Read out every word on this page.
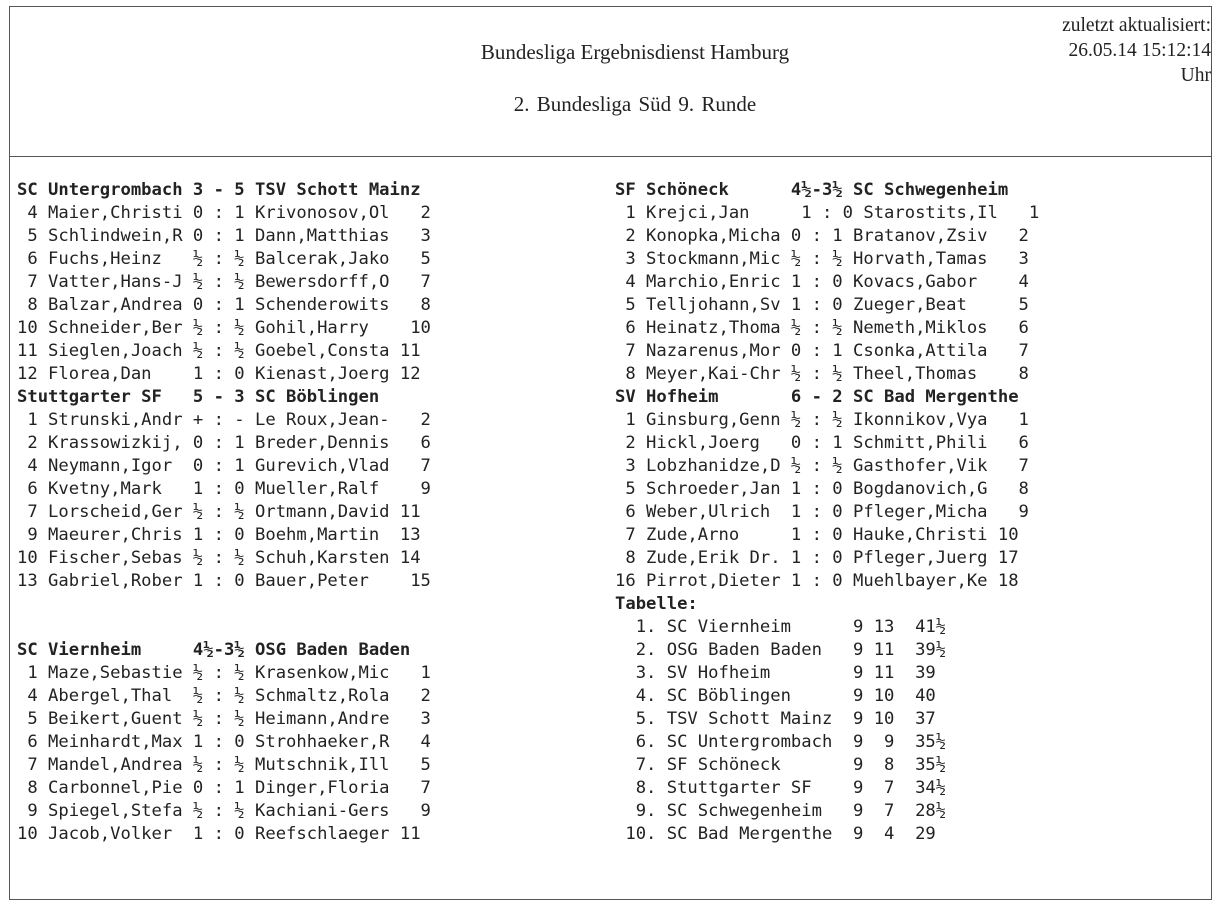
Bundesliga Ergebnisdienst Hamburg
2. Bundesliga Süd 9. Runde
zuletzt aktualisiert:
26.05.14 15:12:14
Uhr
SC Untergrombach 3 - 5 TSV Schott Mainz
4 Maier,Christi 0 : 1 Krivonosov,Ol   2
5 Schlindwein,R 0 : 1 Dann,Matthias   3
6 Fuchs,Heinz   ½ : ½ Balcerak,Jako   5
7 Vatter,Hans-J ½ : ½ Bewersdorff,O   7
8 Balzar,Andrea 0 : 1 Schenderowits   8
10 Schneider,Ber ½ : ½ Gohil,Harry    10
11 Sieglen,Joach ½ : ½ Goebel,Consta 11
12 Florea,Dan    1 : 0 Kienast,Joerg 12
Stuttgarter SF   5 - 3 SC Böblingen
1 Strunski,Andr + : - Le Roux,Jean-   2
2 Krassowizkij, 0 : 1 Breder,Dennis   6
4 Neymann,Igor  0 : 1 Gurevich,Vlad   7
6 Kvetny,Mark   1 : 0 Mueller,Ralf    9
7 Lorscheid,Ger ½ : ½ Ortmann,David 11
9 Maeurer,Chris 1 : 0 Boehm,Martin  13
10 Fischer,Sebas ½ : ½ Schuh,Karsten 14
13 Gabriel,Rober 1 : 0 Bauer,Peter    15
SC Viernheim     4½-3½ OSG Baden Baden
1 Maze,Sebastie ½ : ½ Krasenkow,Mic   1
4 Abergel,Thal  ½ : ½ Schmaltz,Rola   2
5 Beikert,Guent ½ : ½ Heimann,Andre   3
6 Meinhardt,Max 1 : 0 Strohhaeker,R   4
7 Mandel,Andrea ½ : ½ Mutschnik,Ill   5
8 Carbonnel,Pie 0 : 1 Dinger,Floria   7
9 Spiegel,Stefa ½ : ½ Kachiani-Gers   9
10 Jacob,Volker  1 : 0 Reefschlaeger 11
SF Schöneck      4½-3½ SC Schwegenheim
1 Krejci,Jan     1 : 0 Starostits,Il   1
2 Konopka,Micha 0 : 1 Bratanov,Zsiv   2
3 Stockmann,Mic ½ : ½ Horvath,Tamas   3
4 Marchio,Enric 1 : 0 Kovacs,Gabor    4
5 Telljohann,Sv 1 : 0 Zueger,Beat     5
6 Heinatz,Thoma ½ : ½ Nemeth,Miklos   6
7 Nazarenus,Mor 0 : 1 Csonka,Attila   7
8 Meyer,Kai-Chr ½ : ½ Theel,Thomas    8
SV Hofheim       6 - 2 SC Bad Mergenthe
1 Ginsburg,Genn ½ : ½ Ikonnikov,Vya   1
2 Hickl,Joerg   0 : 1 Schmitt,Phili   6
3 Lobzhanidze,D ½ : ½ Gasthofer,Vik   7
5 Schroeder,Jan 1 : 0 Bogdanovich,G   8
6 Weber,Ulrich  1 : 0 Pfleger,Micha   9
7 Zude,Arno     1 : 0 Hauke,Christi 10
8 Zude,Erik Dr. 1 : 0 Pfleger,Juerg 17
16 Pirrot,Dieter 1 : 0 Muehlbayer,Ke 18
Tabelle:
1. SC Viernheim      9 13  41½
2. OSG Baden Baden   9 11  39½
3. SV Hofheim        9 11  39
4. SC Böblingen      9 10  40
5. TSV Schott Mainz  9 10  37
6. SC Untergrombach  9  9  35½
7. SF Schöneck       9  8  35½
8. Stuttgarter SF    9  7  34½
9. SC Schwegenheim   9  7  28½
10. SC Bad Mergenthe  9  4  29
